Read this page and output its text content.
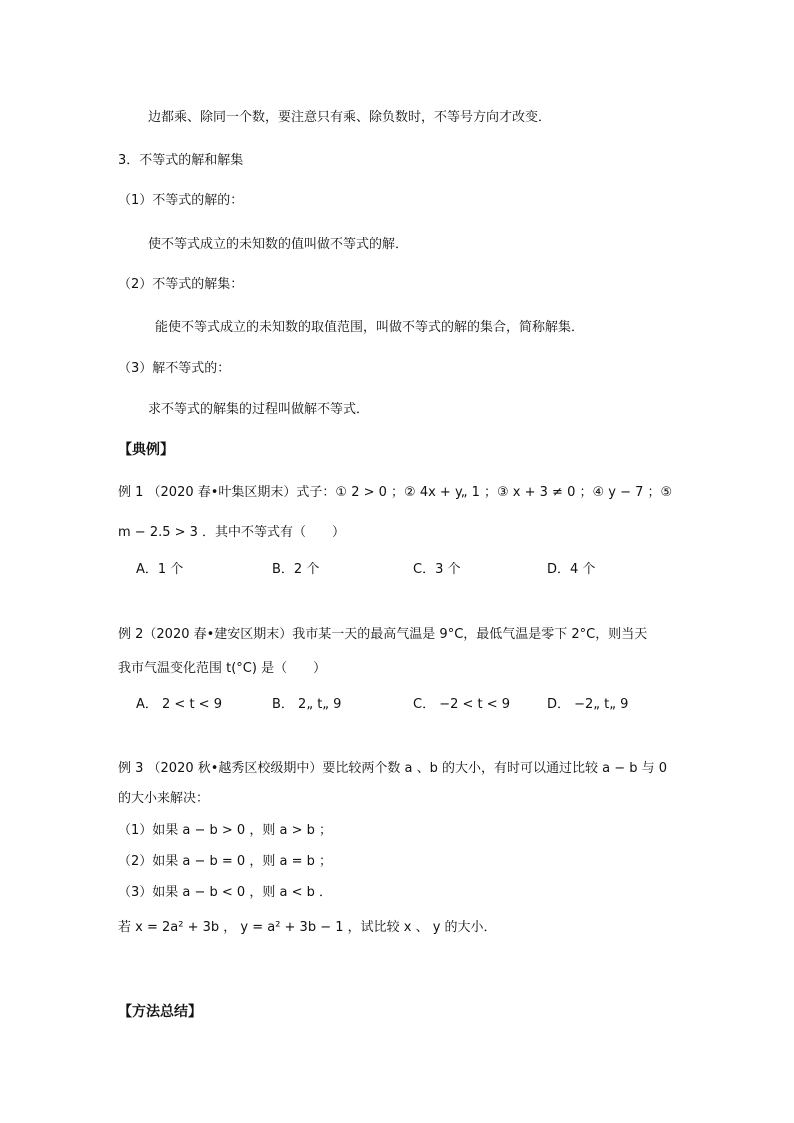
边都乘、除同一个数，要注意只有乘、除负数时，不等号方向才改变．
3．不等式的解和解集
（1）不等式的解的：
使不等式成立的未知数的值叫做不等式的解．
（2）不等式的解集：
能使不等式成立的未知数的取值范围，叫做不等式的解的集合，简称解集．
（3）解不等式的：
求不等式的解集的过程叫做解不等式．
【典例】
例 1 （2020 春•叶集区期末）式子：① 2 > 0 ；② 4x + y„ 1 ；③ x + 3 ≠ 0 ；④ y − 7 ；⑤
m − 2.5 > 3 ．其中不等式有（　　）
A．1 个	B．2 个	C．3 个	D．4 个
例 2（2020 春•建安区期末）我市某一天的最高气温是 9°C，最低气温是零下 2°C，则当天
我市气温变化范围 t(°C) 是（　　）
A． 2 < t < 9	B． 2„ t„ 9	C． −2 < t < 9	D． −2„ t„ 9
例 3 （2020 秋•越秀区校级期中）要比较两个数 a 、b 的大小，有时可以通过比较 a − b 与 0
的大小来解决：
（1）如果 a − b > 0 ，则 a > b ；
（2）如果 a − b = 0 ，则 a = b ；
（3）如果 a − b < 0 ，则 a < b ．
若 x = 2a² + 3b ， y = a² + 3b − 1 ，试比较 x 、 y 的大小．
【方法总结】
